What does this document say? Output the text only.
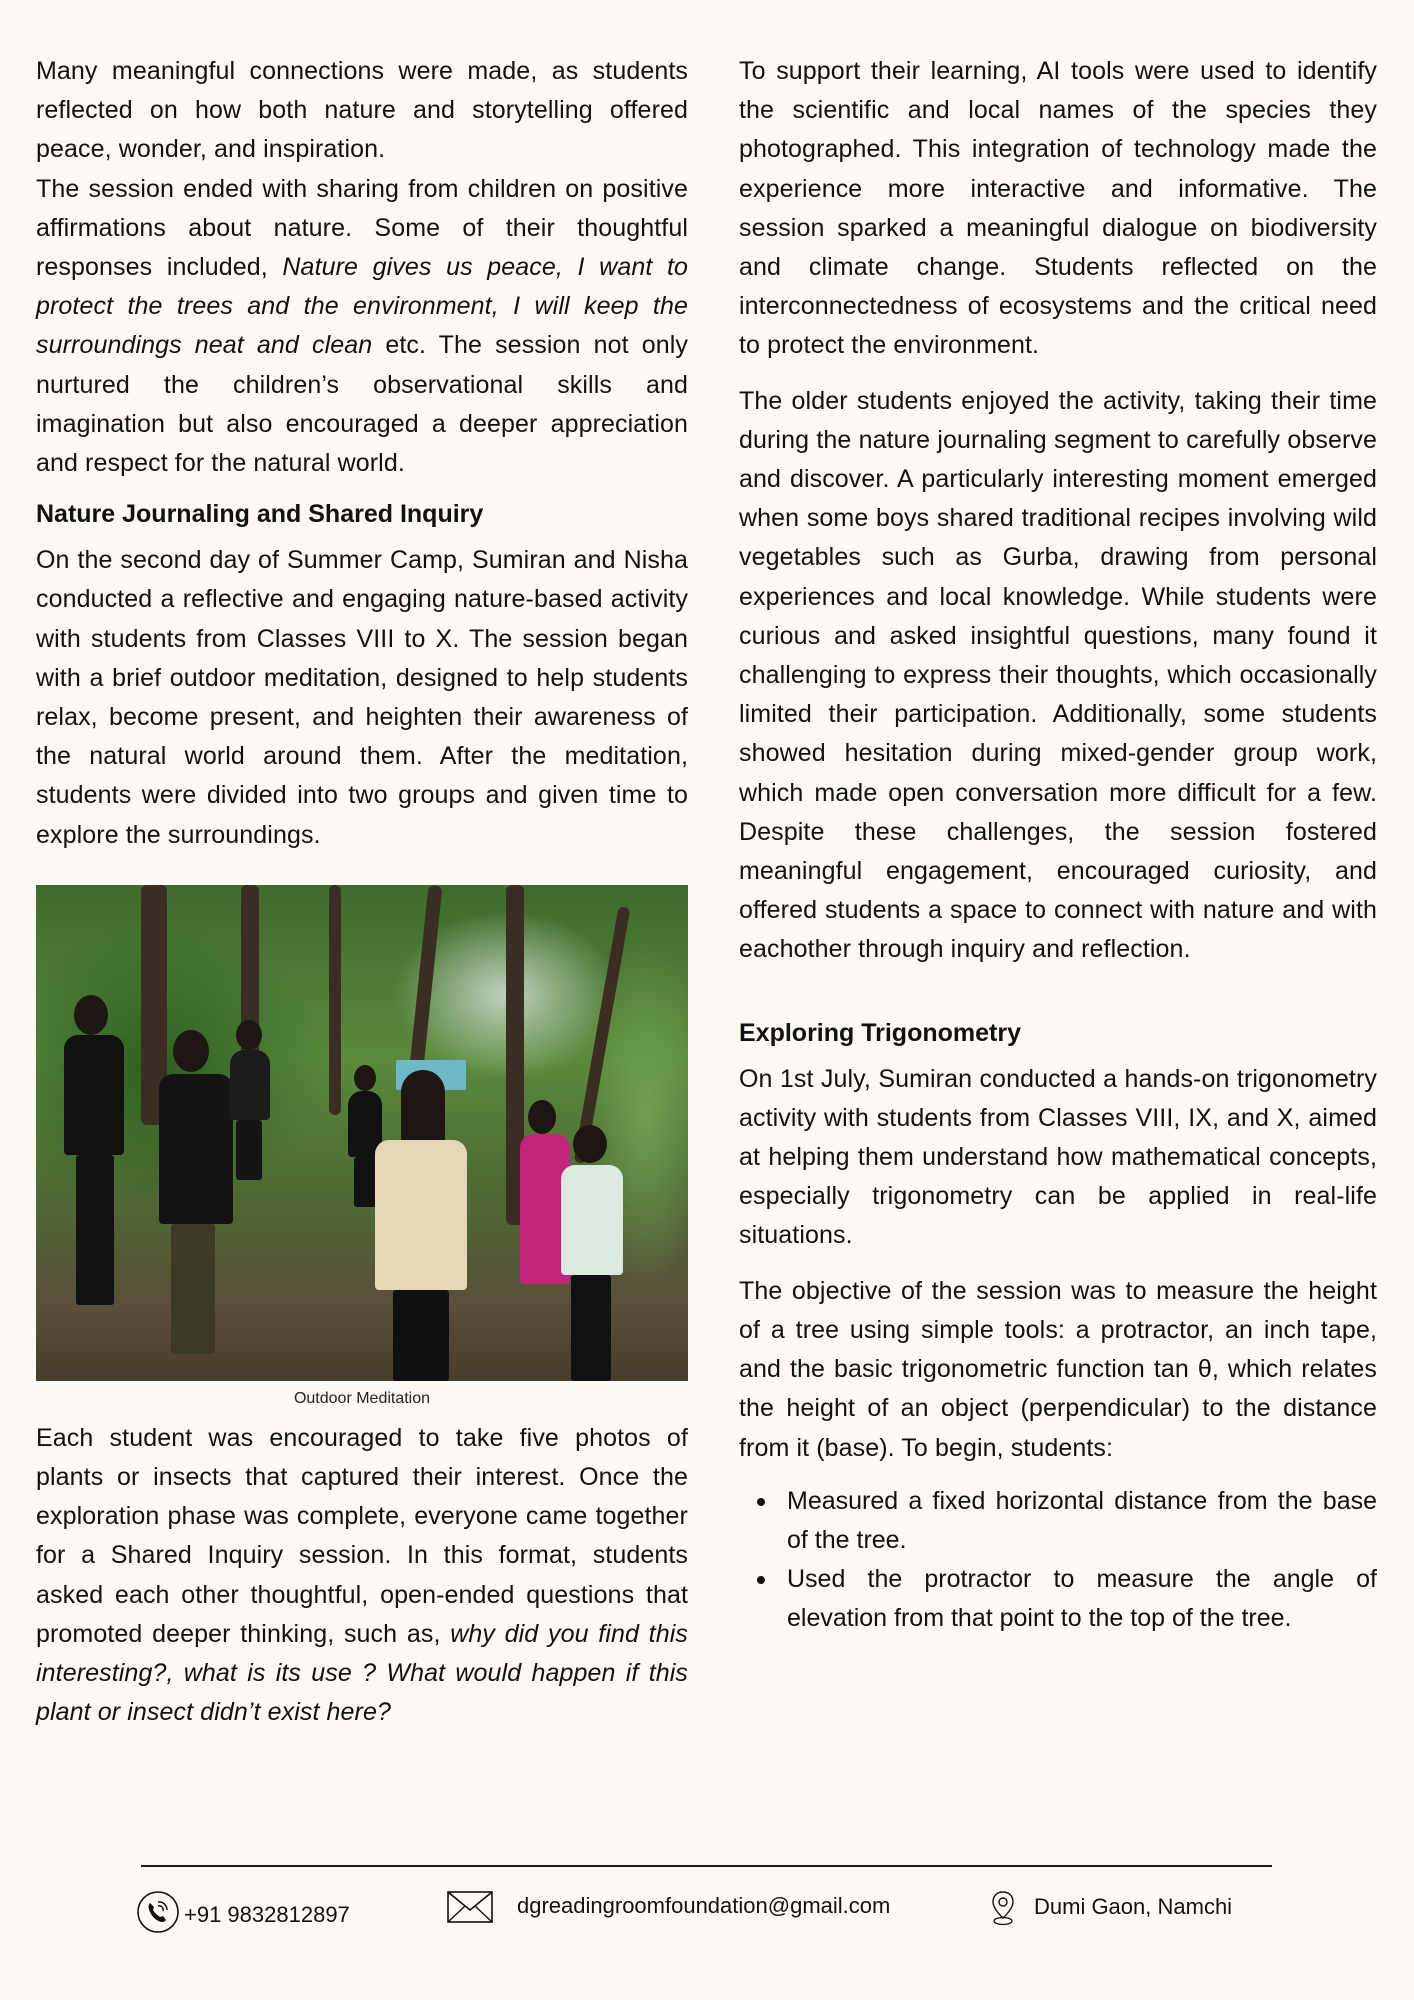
Many meaningful connections were made, as students reflected on how both nature and storytelling offered peace, wonder, and inspiration.

The session ended with sharing from children on positive affirmations about nature. Some of their thoughtful responses included, Nature gives us peace, I want to protect the trees and the environment, I will keep the surroundings neat and clean etc. The session not only nurtured the children’s observational skills and imagination but also encouraged a deeper appreciation and respect for the natural world.

Nature Journaling and Shared Inquiry

On the second day of Summer Camp, Sumiran and Nisha conducted a reflective and engaging nature-based activity with students from Classes VIII to X. The session began with a brief outdoor meditation, designed to help students relax, become present, and heighten their awareness of the natural world around them. After the meditation, students were divided into two groups and given time to explore the surroundings.

Outdoor Meditation

Each student was encouraged to take five photos of plants or insects that captured their interest. Once the exploration phase was complete, everyone came together for a Shared Inquiry session. In this format, students asked each other thoughtful, open-ended questions that promoted deeper thinking, such as, why did you find this interesting?, what is its use ? What would happen if this plant or insect didn’t exist here?

To support their learning, AI tools were used to identify the scientific and local names of the species they photographed. This integration of technology made the experience more interactive and informative. The session sparked a meaningful dialogue on biodiversity and climate change. Students reflected on the interconnectedness of ecosystems and the critical need to protect the environment.

The older students enjoyed the activity, taking their time during the nature journaling segment to carefully observe and discover. A particularly interesting moment emerged when some boys shared traditional recipes involving wild vegetables such as Gurba, drawing from personal experiences and local knowledge. While students were curious and asked insightful questions, many found it challenging to express their thoughts, which occasionally limited their participation. Additionally, some students showed hesitation during mixed-gender group work, which made open conversation more difficult for a few. Despite these challenges, the session fostered meaningful engagement, encouraged curiosity, and offered students a space to connect with nature and with eachother through inquiry and reflection.

Exploring Trigonometry

On 1st July, Sumiran conducted a hands-on trigonometry activity with students from Classes VIII, IX, and X, aimed at helping them understand how mathematical concepts, especially trigonometry can be applied in real-life situations.

The objective of the session was to measure the height of a tree using simple tools: a protractor, an inch tape, and the basic trigonometric function tan θ, which relates the height of an object (perpendicular) to the distance from it (base). To begin, students:

Measured a fixed horizontal distance from the base of the tree.
Used the protractor to measure the angle of elevation from that point to the top of the tree.
+91 9832812897	dgreadingroomfoundation@gmail.com	Dumi Gaon, Namchi
